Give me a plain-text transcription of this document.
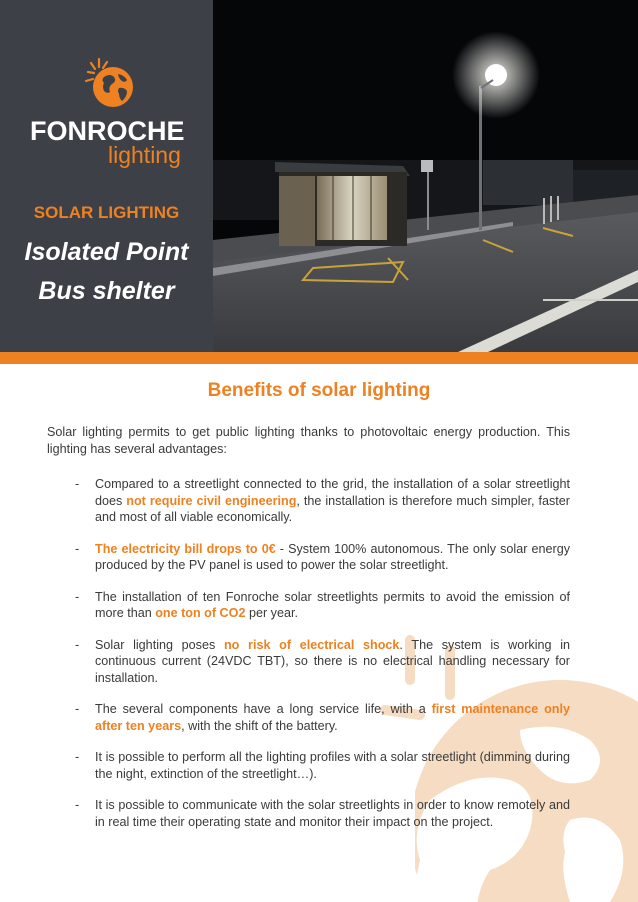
FONROCHE
lighting
SOLAR LIGHTING
Isolated Point
Bus shelter
Benefits of solar lighting
Solar lighting permits to get public lighting thanks to photovoltaic energy production. This lighting has several advantages:
- Compared to a streetlight connected to the grid, the installation of a solar streetlight does not require civil engineering, the installation is therefore much simpler, faster and most of all viable economically.
- The electricity bill drops to 0€ - System 100% autonomous. The only solar energy produced by the PV panel is used to power the solar streetlight.
- The installation of ten Fonroche solar streetlights permits to avoid the emission of more than one ton of CO2 per year.
- Solar lighting poses no risk of electrical shock. The system is working in continuous current (24VDC TBT), so there is no electrical handling necessary for installation.
- The several components have a long service life, with a first maintenance only after ten years, with the shift of the battery.
- It is possible to perform all the lighting profiles with a solar streetlight (dimming during the night, extinction of the streetlight…).
- It is possible to communicate with the solar streetlights in order to know remotely and in real time their operating state and monitor their impact on the project.
